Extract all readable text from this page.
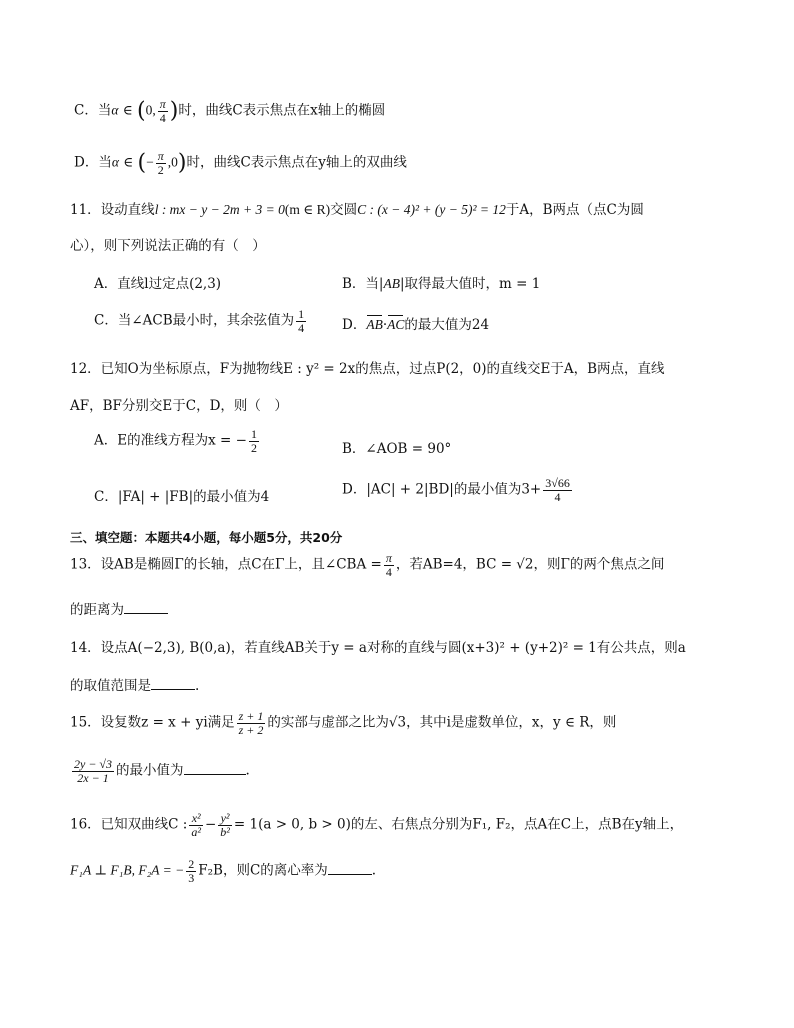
C．当α ∈ (0, $\frac{\pi}{4}$ )时，曲线C表示焦点在x轴上的椭圆
D．当α ∈ (− $\frac{\pi}{2} ,0$)时，曲线C表示焦点在y轴上的双曲线
11．设动直线l : mx − y − 2m + 3 = 0(m ∈ R)交圆C : (x − 4)² + (y − 5)² = 12于A，B两点（点C为圆
心），则下列说法正确的有（　）
A．直线l过定点(2,3)	B．当|AB|取得最大值时，m = 1
C．当∠ACB最小时，其余弦值为 $\frac{1}{4}$	D．AB·AC的最大值为24
12．已知O为坐标原点，F为抛物线E : y² = 2x的焦点，过点P(2，0)的直线交E于A，B两点，直线
AF，BF分别交E于C，D，则（　）
A．E的准线方程为x = − $\frac{1}{2}$	B．∠AOB = 90°
C．|FA| + |FB|的最小值为4	D．|AC| + 2|BD|的最小值为$3+ \frac{3√66}{4}$
三、填空题：本题共4小题，每小题5分，共20分
13．设AB是椭圆Γ的长轴，点C在Γ上，且∠CBA = $\frac{\pi}{4}$ ，若AB=4，BC = √2，则Γ的两个焦点之间
的距离为
14．设点A(−2,3), B(0,a)，若直线AB关于y = a对称的直线与圆(x+3)² + (y+2)² = 1有公共点，则a
的取值范围是	.
15．设复数z = x + yi满足 $\frac{z + 1}{z + 2}$ 的实部与虚部之比为√3，其中i是虚数单位，x，y ∈ R，则
$\frac{2y - √3}{2x - 1}$ 的最小值为	.
16．已知双曲线C : $\frac{\text{x²}}{\text{a²}} - \frac{\text{y²}}{\text{b²}} = 1(a > 0$, b > 0)的左、右焦点分别为F₁, F₂，点A在C上，点B在y轴上，
F₁A ⊥ F₁B, F₂A = − $\frac{2}{3} F_2B$，则C的离心率为	.
